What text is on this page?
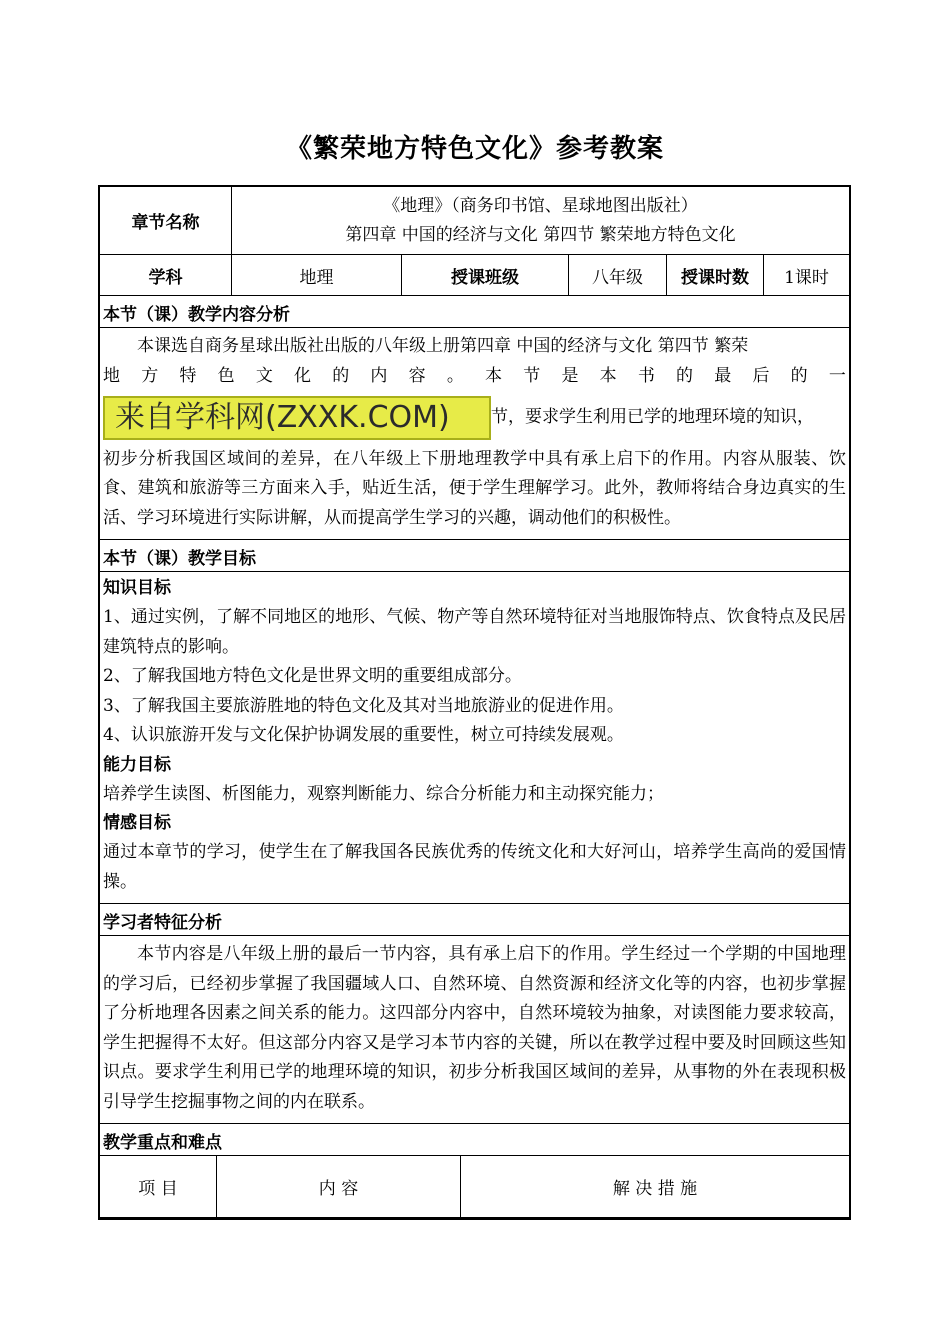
《繁荣地方特色文化》参考教案
章节名称
《地理》（商务印书馆、星球地图出版社）
第四章 中国的经济与文化 第四节 繁荣地方特色文化
学科	地理	授课班级	八年级	授课时数	1课时
本节（课）教学内容分析
本课选自商务星球出版社出版的八年级上册第四章 中国的经济与文化 第四节 繁荣
地 方 特 色 文 化 的 内 容 。 本 节 是 本 书 的 最 后 的 一
来自学科网(ZXXK.COM)	节，要求学生利用已学的地理环境的知识，
初步分析我国区域间的差异，在八年级上下册地理教学中具有承上启下的作用。内容从服装、饮食、建筑和旅游等三方面来入手，贴近生活，便于学生理解学习。此外，教师将结合身边真实的生活、学习环境进行实际讲解，从而提高学生学习的兴趣，调动他们的积极性。
本节（课）教学目标
知识目标
1、通过实例，了解不同地区的地形、气候、物产等自然环境特征对当地服饰特点、饮食特点及民居建筑特点的影响。
2、了解我国地方特色文化是世界文明的重要组成部分。
3、了解我国主要旅游胜地的特色文化及其对当地旅游业的促进作用。
4、认识旅游开发与文化保护协调发展的重要性，树立可持续发展观。
能力目标
培养学生读图、析图能力，观察判断能力、综合分析能力和主动探究能力；
情感目标
通过本章节的学习，使学生在了解我国各民族优秀的传统文化和大好河山，培养学生高尚的爱国情操。
学习者特征分析
本节内容是八年级上册的最后一节内容，具有承上启下的作用。学生经过一个学期的中国地理的学习后，已经初步掌握了我国疆域人口、自然环境、自然资源和经济文化等的内容，也初步掌握了分析地理各因素之间关系的能力。这四部分内容中，自然环境较为抽象，对读图能力要求较高，学生把握得不太好。但这部分内容又是学习本节内容的关键，所以在教学过程中要及时回顾这些知识点。要求学生利用已学的地理环境的知识，初步分析我国区域间的差异，从事物的外在表现积极引导学生挖掘事物之间的内在联系。
教学重点和难点
项 目	内 容	解 决 措 施
